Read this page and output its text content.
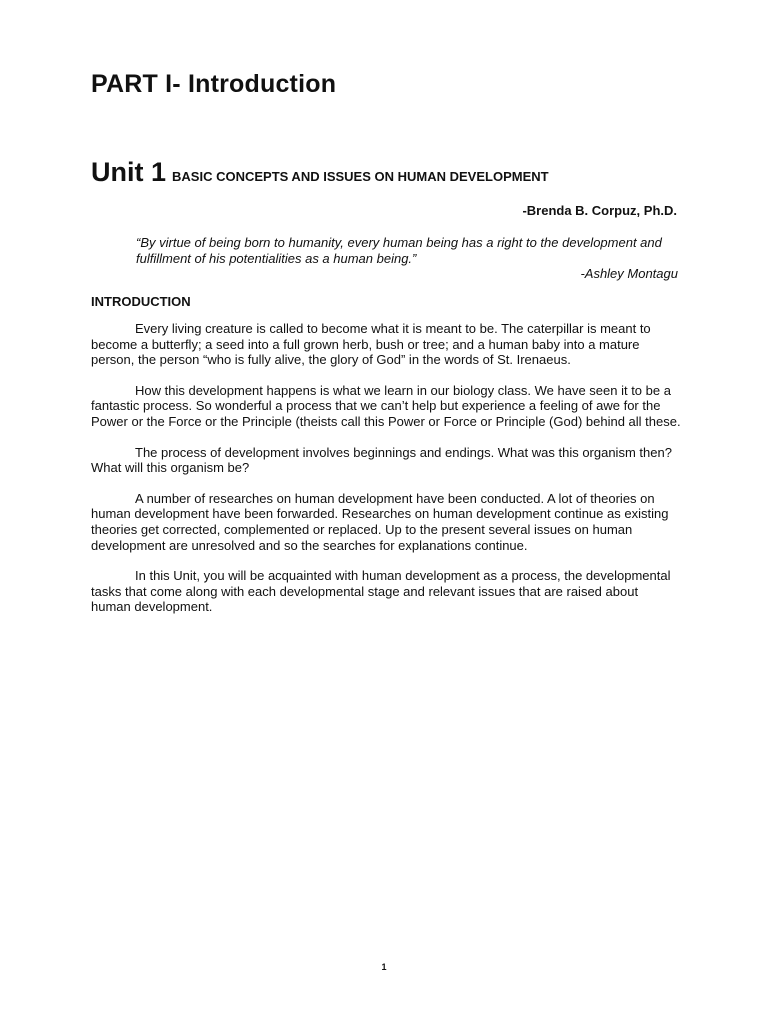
PART I- Introduction
Unit 1 BASIC CONCEPTS AND ISSUES ON HUMAN DEVELOPMENT
-Brenda B. Corpuz, Ph.D.
“By virtue of being born to humanity, every human being has a right to the development and fulfillment of his potentialities as a human being.”
-Ashley Montagu
INTRODUCTION

Every living creature is called to become what it is meant to be. The caterpillar is meant to become a butterfly; a seed into a full grown herb, bush or tree; and a human baby into a mature person, the person “who is fully alive, the glory of God” in the words of St. Irenaeus.

How this development happens is what we learn in our biology class. We have seen it to be a fantastic process. So wonderful a process that we can’t help but experience a feeling of awe for the Power or the Force or the Principle (theists call this Power or Force or Principle (God) behind all these.

The process of development involves beginnings and endings. What was this organism then? What will this organism be?

A number of researches on human development have been conducted. A lot of theories on human development have been forwarded. Researches on human development continue as existing theories get corrected, complemented or replaced. Up to the present several issues on human development are unresolved and so the searches for explanations continue.

In this Unit, you will be acquainted with human development as a process, the developmental tasks that come along with each developmental stage and relevant issues that are raised about human development.

1
